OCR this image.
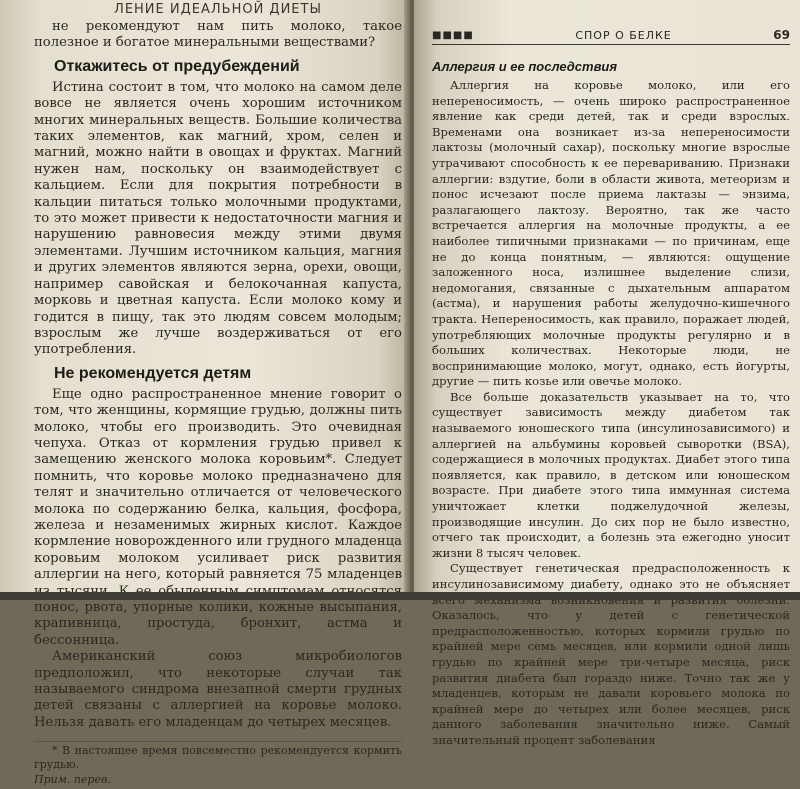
ЛЕНИЕ ИДЕАЛЬНОЙ ДИЕТЫ

не рекомендуют нам пить молоко, такое полезное и богатое минеральными веществами?

Откажитесь от предубеждений

Истина состоит в том, что молоко на самом деле вовсе не является очень хорошим источником многих минеральных веществ. Большие количества таких элементов, как магний, хром, селен и магний, можно найти в овощах и фруктах. Магний нужен нам, поскольку он взаимодействует с кальцием. Если для покрытия потребности в кальции питаться только молочными продуктами, то это может привести к недостаточности магния и нарушению равновесия между этими двумя элементами. Лучшим источником кальция, магния и других элементов являются зерна, орехи, овощи, например савойская и белокочанная капуста, морковь и цветная капуста. Если молоко кому и годится в пищу, так это людям совсем молодым; взрослым же лучше воздерживаться от его употребления.

Не рекомендуется детям

Еще одно распространенное мнение говорит о том, что женщины, кормящие грудью, должны пить молоко, чтобы его производить. Это очевидная чепуха. Отказ от кормления грудью привел к замещению женского молока коровьим*. Следует помнить, что коровье молоко предназначено для телят и значительно отличается от человеческого молока по содержанию белка, кальция, фосфора, железа и незаменимых жирных кислот. Каждое кормление новорожденного или грудного младенца коровьим молоком усиливает риск развития аллергии на него, который равняется 75 младенцев понос, рвота, упорные колики, кожные высыпания, крапивница, простуда, бронхит, астма и бессонница.

Американский союз микробиологов предположил, что некоторые случаи так называемого синдрома внезапной смерти грудных детей связаны с аллергией на коровье молоко. Нельзя давать его младенцам до четырех месяцев.

* В настоящее время повсеместно рекомендуется кормить грудью.

Прим. перев.

■■■■	СПОР О БЕЛКЕ	69
Аллергия и ее последствия

Аллергия на коровье молоко, или его непереносимость, — очень широко распространенное явление как среди детей, так и среди взрослых. Временами она возникает из-за непереносимости лактозы (молочный сахар), поскольку многие взрослые утрачивают способность к ее перевариванию. Признаки аллергии: вздутие, боли в области живота, метеоризм и понос исчезают после приема лактазы — энзима, разлагающего лактозу. Вероятно, так же часто встречается аллергия на молочные продукты, а ее наиболее типичными признаками — по причинам, еще не до конца понятным, — являются: ощущение заложенного носа, излишнее выделение слизи, недомогания, связанные с дыхательным аппаратом (астма), и нарушения работы желудочно-кишечного тракта. Непереносимость, как правило, поражает людей, употребляющих молочные продукты регулярно и в больших количествах. Некоторые люди, не воспринимающие молоко, могут, однако, есть йогурты, другие — пить козье или овечье молоко.

Все больше доказательств указывает на то, что существует зависимость между диабетом так называемого юношеского типа (инсулинозависимого) и аллергией на альбумины коровьей сыворотки (BSA), содержащиеся в молочных продуктах. Диабет этого типа появляется, как правило, в детском или юношеском возрасте. При диабете этого типа иммунная система уничтожает клетки поджелудочной железы, производящие инсулин. До сих пор не было известно, отчего так происходит, а болезнь эта ежегодно уносит жизни 8 тысяч человек.

Существует генетическая предрасположенность к инсулинозависимому диабету, однако это не объясняет Оказалось, что у детей с генетической предрасположенностью, которых кормили грудью по крайней мере семь месяцев, или кормили одной лишь грудью по крайней мере три-четыре месяца, риск развития диабета был гораздо ниже. Точно так же у младенцев, которым не давали коровьего молока по крайней мере до четырех или более месяцев, риск данного заболевания значительно ниже. Самый значительный процент заболевания
